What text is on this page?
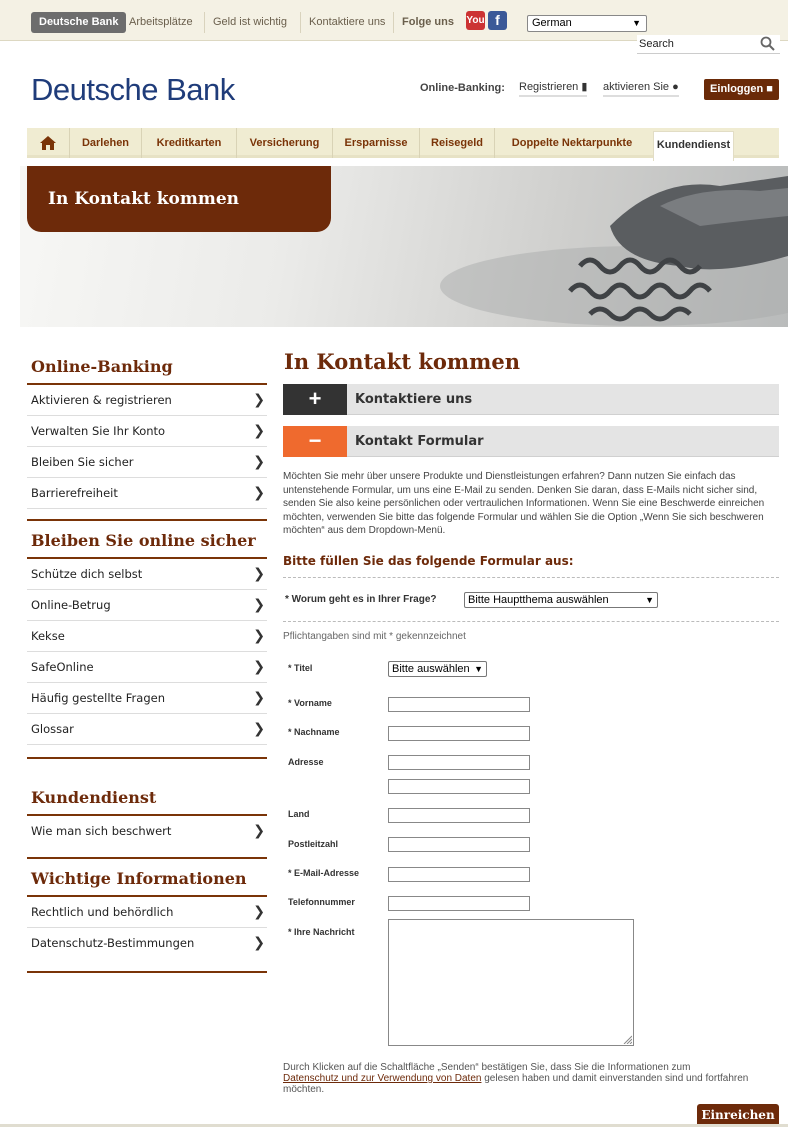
Deutsche Bank Arbeitsplätze	Geld ist wichtig	Kontaktiere uns	Folge uns	You f	German	▼
Search
Deutsche Bank	Online-Banking: Registrieren ▮ aktivieren Sie ●	Einloggen ■
Darlehen	Kreditkarten	Versicherung	Ersparnisse	Reisegeld	Doppelte Nektarpunkte	Kundendienst
In Kontakt kommen
Online-Banking
Aktivieren & registrieren	❯
Verwalten Sie Ihr Konto	❯
Bleiben Sie sicher	❯
Barrierefreiheit	❯
Bleiben Sie online sicher
Schütze dich selbst	❯
Online-Betrug	❯
Kekse	❯
SafeOnline	❯
Häufig gestellte Fragen	❯
Glossar	❯
Kundendienst
Wie man sich beschwert	❯
Wichtige Informationen
Rechtlich und behördlich	❯
Datenschutz-Bestimmungen	❯
In Kontakt kommen
+	Kontaktiere uns
−	Kontakt Formular
Möchten Sie mehr über unsere Produkte und Dienstleistungen erfahren? Dann nutzen Sie einfach das untenstehende Formular, um uns eine E-Mail zu senden. Denken Sie daran, dass E-Mails nicht sicher sind, senden Sie also keine persönlichen oder vertraulichen Informationen. Wenn Sie eine Beschwerde einreichen möchten, verwenden Sie bitte das folgende Formular und wählen Sie die Option „Wenn Sie sich beschweren möchten“ aus dem Dropdown-Menü.
Bitte füllen Sie das folgende Formular aus:
* Worum geht es in Ihrer Frage?	Bitte Hauptthema auswählen	▼
Pflichtangaben sind mit * gekennzeichnet
* Titel	Bitte auswählen ▼
* Vorname
* Nachname
Adresse
Land
Postleitzahl
* E-Mail-Adresse
Telefonnummer
* Ihre Nachricht
Durch Klicken auf die Schaltfläche „Senden“ bestätigen Sie, dass Sie die Informationen zum
Datenschutz und zur Verwendung von Daten gelesen haben und damit einverstanden sind und fortfahren möchten.
Einreichen
